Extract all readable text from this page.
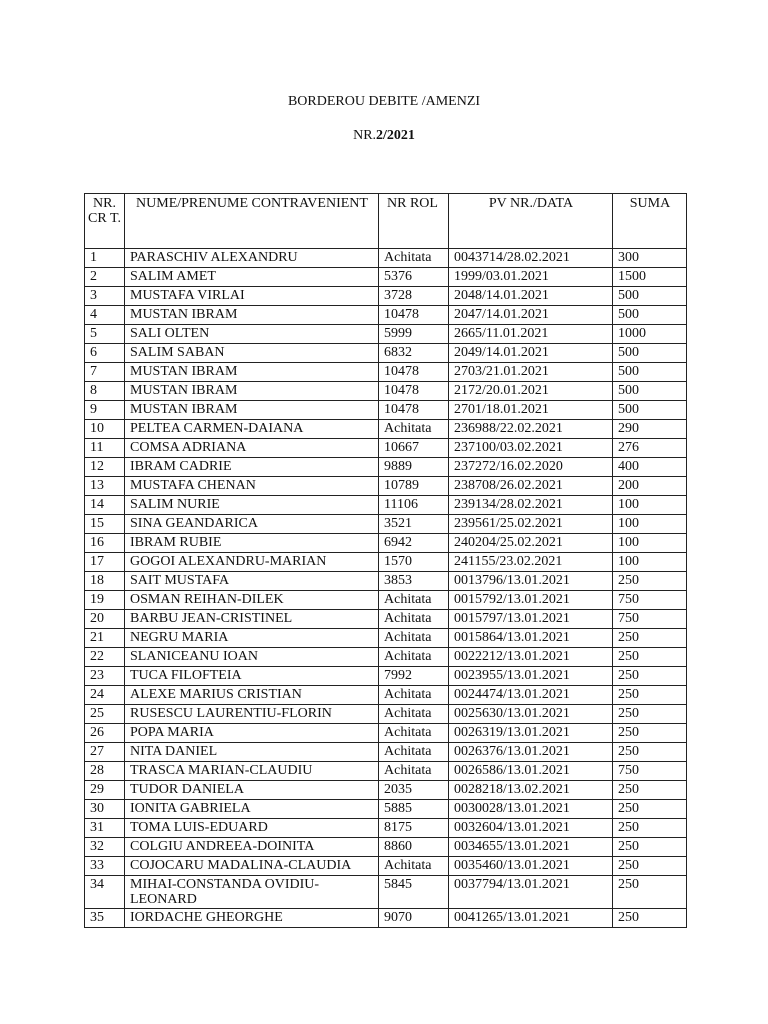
BORDEROU DEBITE /AMENZI
NR.2/2021
NR. CR T.	NUME/PRENUME CONTRAVENIENT	NR ROL	PV NR./DATA	SUMA
1	PARASCHIV ALEXANDRU	Achitata	0043714/28.02.2021	300
2	SALIM AMET	5376	1999/03.01.2021	1500
3	MUSTAFA VIRLAI	3728	2048/14.01.2021	500
4	MUSTAN IBRAM	10478	2047/14.01.2021	500
5	SALI OLTEN	5999	2665/11.01.2021	1000
6	SALIM SABAN	6832	2049/14.01.2021	500
7	MUSTAN IBRAM	10478	2703/21.01.2021	500
8	MUSTAN IBRAM	10478	2172/20.01.2021	500
9	MUSTAN IBRAM	10478	2701/18.01.2021	500
10	PELTEA CARMEN-DAIANA	Achitata	236988/22.02.2021	290
11	COMSA ADRIANA	10667	237100/03.02.2021	276
12	IBRAM CADRIE	9889	237272/16.02.2020	400
13	MUSTAFA CHENAN	10789	238708/26.02.2021	200
14	SALIM NURIE	11106	239134/28.02.2021	100
15	SINA GEANDARICA	3521	239561/25.02.2021	100
16	IBRAM RUBIE	6942	240204/25.02.2021	100
17	GOGOI ALEXANDRU-MARIAN	1570	241155/23.02.2021	100
18	SAIT MUSTAFA	3853	0013796/13.01.2021	250
19	OSMAN REIHAN-DILEK	Achitata	0015792/13.01.2021	750
20	BARBU JEAN-CRISTINEL	Achitata	0015797/13.01.2021	750
21	NEGRU MARIA	Achitata	0015864/13.01.2021	250
22	SLANICEANU IOAN	Achitata	0022212/13.01.2021	250
23	TUCA FILOFTEIA	7992	0023955/13.01.2021	250
24	ALEXE MARIUS CRISTIAN	Achitata	0024474/13.01.2021	250
25	RUSESCU LAURENTIU-FLORIN	Achitata	0025630/13.01.2021	250
26	POPA MARIA	Achitata	0026319/13.01.2021	250
27	NITA DANIEL	Achitata	0026376/13.01.2021	250
28	TRASCA MARIAN-CLAUDIU	Achitata	0026586/13.01.2021	750
29	TUDOR DANIELA	2035	0028218/13.02.2021	250
30	IONITA GABRIELA	5885	0030028/13.01.2021	250
31	TOMA LUIS-EDUARD	8175	0032604/13.01.2021	250
32	COLGIU ANDREEA-DOINITA	8860	0034655/13.01.2021	250
33	COJOCARU MADALINA-CLAUDIA	Achitata	0035460/13.01.2021	250
34	MIHAI-CONSTANDA OVIDIU-LEONARD	5845	0037794/13.01.2021	250
35	IORDACHE GHEORGHE	9070	0041265/13.01.2021	250
